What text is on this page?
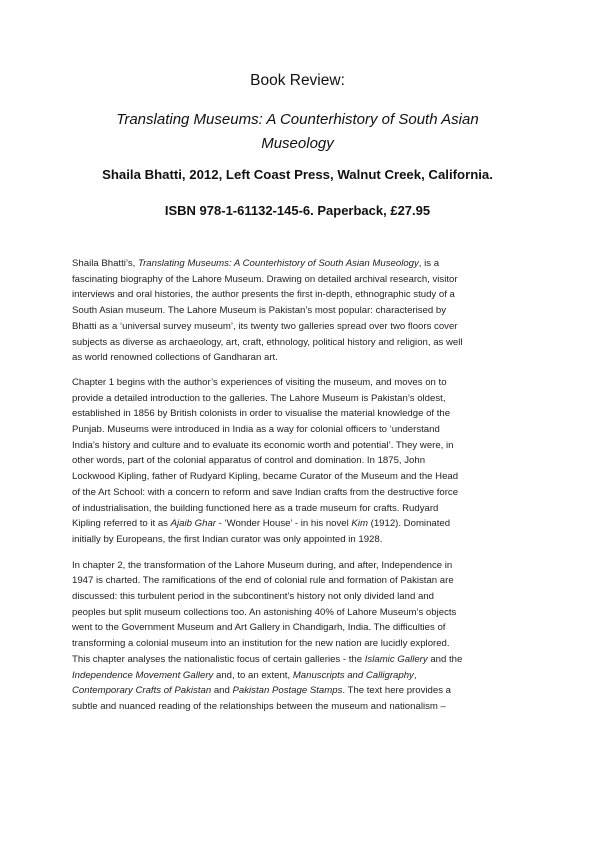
Book Review:
Translating Museums: A Counterhistory of South Asian
Museology
Shaila Bhatti, 2012, Left Coast Press, Walnut Creek, California.
ISBN 978-1-61132-145-6. Paperback, £27.95

Shaila Bhatti’s, Translating Museums: A Counterhistory of South Asian Museology, is a
fascinating biography of the Lahore Museum. Drawing on detailed archival research, visitor
interviews and oral histories, the author presents the first in-depth, ethnographic study of a
South Asian museum. The Lahore Museum is Pakistan’s most popular: characterised by
Bhatti as a ‘universal survey museum’, its twenty two galleries spread over two floors cover
subjects as diverse as archaeology, art, craft, ethnology, political history and religion, as well
as world renowned collections of Gandharan art.

Chapter 1 begins with the author’s experiences of visiting the museum, and moves on to
provide a detailed introduction to the galleries. The Lahore Museum is Pakistan’s oldest,
established in 1856 by British colonists in order to visualise the material knowledge of the
Punjab. Museums were introduced in India as a way for colonial officers to ‘understand
India’s history and culture and to evaluate its economic worth and potential’. They were, in
other words, part of the colonial apparatus of control and domination. In 1875, John
Lockwood Kipling, father of Rudyard Kipling, became Curator of the Museum and the Head
of the Art School: with a concern to reform and save Indian crafts from the destructive force
of industrialisation, the building functioned here as a trade museum for crafts. Rudyard
Kipling referred to it as Ajaib Ghar - ‘Wonder House’ - in his novel Kim (1912). Dominated
initially by Europeans, the first Indian curator was only appointed in 1928.

In chapter 2, the transformation of the Lahore Museum during, and after, Independence in
1947 is charted. The ramifications of the end of colonial rule and formation of Pakistan are
discussed: this turbulent period in the subcontinent’s history not only divided land and
peoples but split museum collections too. An astonishing 40% of Lahore Museum’s objects
went to the Government Museum and Art Gallery in Chandigarh, India. The difficulties of
transforming a colonial museum into an institution for the new nation are lucidly explored.
This chapter analyses the nationalistic focus of certain galleries - the Islamic Gallery and the
Independence Movement Gallery and, to an extent, Manuscripts and Calligraphy,
Contemporary Crafts of Pakistan and Pakistan Postage Stamps. The text here provides a
subtle and nuanced reading of the relationships between the museum and nationalism –
